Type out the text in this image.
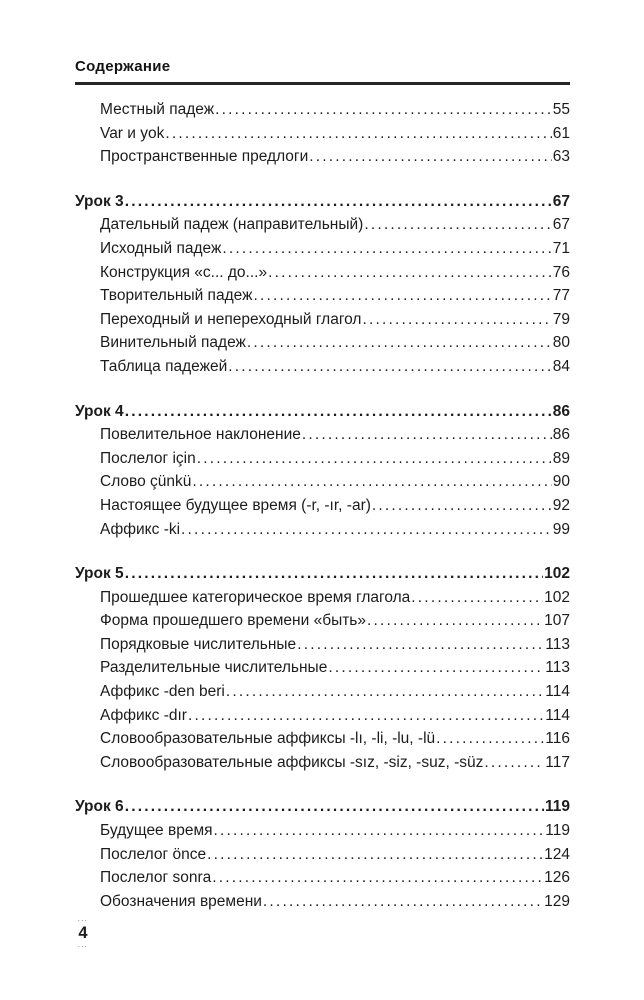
Содержание
Местный падеж .....	55
Var и yok .....	61
Пространственные предлоги .....	63
Урок 3 .....	67
Дательный падеж (направительный) .....	67
Исходный падеж .....	71
Конструкция «с... до...» .....	76
Творительный падеж .....	77
Переходный и непереходный глагол .....	79
Винительный падеж .....	80
Таблица падежей .....	84
Урок 4 .....	86
Повелительное наклонение .....	86
Послелог için .....	89
Слово çünkü .....	90
Настоящее будущее время (-r, -ır, -ar) .....	92
Аффикс -ki .....	99
Урок 5 .....	102
Прошедшее категорическое время глагола .....	102
Форма прошедшего времени «быть» .....	107
Порядковые числительные .....	113
Разделительные числительные .....	113
Аффикс -den beri .....	114
Аффикс -dır .....	114
Словообразовательные аффиксы -lı, -li, -lu, -lü .....	116
Словообразовательные аффиксы -sız, -siz, -suz, -süz .....	117
Урок 6 .....	119
Будущее время .....	119
Послелог önce .....	124
Послелог sonra .....	126
Обозначения времени .....	129
...
4
...
